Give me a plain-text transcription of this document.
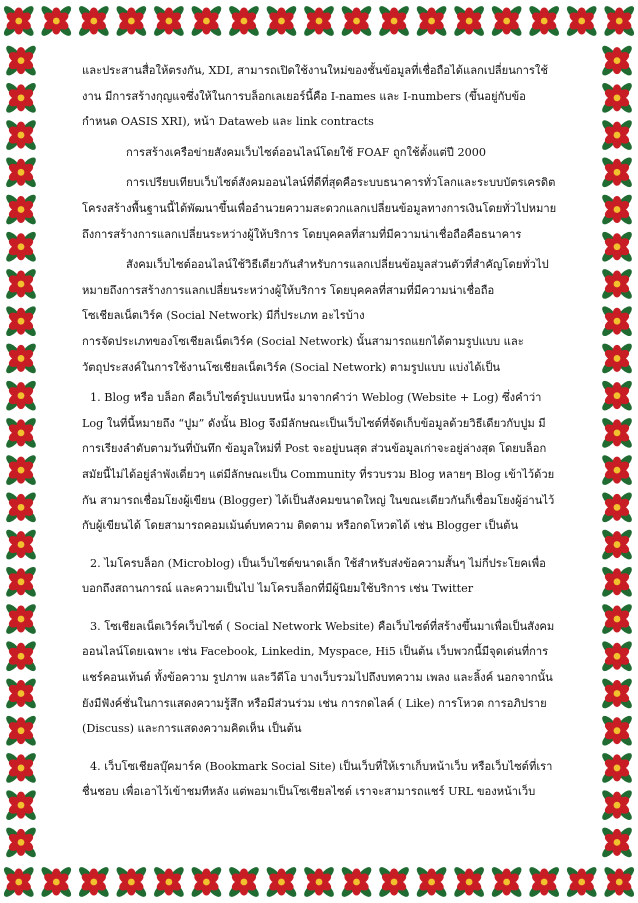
และประสานสื่อให้ตรงกัน, XDI, สามารถเปิดใช้งานใหม่ของชั้นข้อมูลที่เชื่อถือได้แลกเปลี่ยนการใช้งาน มีการสร้างกุญแจซึ่งให้ในการบล็อกเลเยอร์นี้คือ I-names และ I-numbers (ขึ้นอยู่กับข้อกำหนด OASIS XRI), หน้า Dataweb และ link contracts

การสร้างเครือข่ายสังคมเว็บไซต์ออนไลน์โดยใช้ FOAF ถูกใช้ตั้งแต่ปี 2000

การเปรียบเทียบเว็บไซต์สังคมออนไลน์ที่ดีที่สุดคือระบบธนาคารทั่วโลกและระบบบัตรเครดิต โครงสร้างพื้นฐานนี้ได้พัฒนาขึ้นเพื่ออำนวยความสะดวกแลกเปลี่ยนข้อมูลทางการเงินโดยทั่วไปหมายถึงการสร้างการแลกเปลี่ยนระหว่างผู้ให้บริการ โดยบุคคลที่สามที่มีความน่าเชื่อถือคือธนาคาร

สังคมเว็บไซต์ออนไลน์ใช้วิธีเดียวกันสำหรับการแลกเปลี่ยนข้อมูลส่วนตัวที่สำคัญโดยทั่วไปหมายถึงการสร้างการแลกเปลี่ยนระหว่างผู้ให้บริการ โดยบุคคลที่สามที่มีความน่าเชื่อถือ

โซเชียลเน็ตเวิร์ค (Social Network) มีกี่ประเภท อะไรบ้าง

การจัดประเภทของโซเชียลเน็ตเวิร์ค (Social Network) นั้นสามารถแยกได้ตามรูปแบบ และวัตถุประสงค์ในการใช้งานโซเชียลเน็ตเวิร์ค (Social Network) ตามรูปแบบ แบ่งได้เป็น

1. Blog หรือ บล็อก คือเว็บไซต์รูปแบบหนึ่ง มาจากคำว่า Weblog (Website + Log) ซึ่งคำว่า Log ในที่นี้หมายถึง “ปูม” ดังนั้น Blog จึงมีลักษณะเป็นเว็บไซต์ที่จัดเก็บข้อมูลด้วยวิธีเดียวกับปูม มีการเรียงลำดับตามวันที่บันทึก ข้อมูลใหม่ที่ Post จะอยู่บนสุด ส่วนข้อมูลเก่าจะอยู่ล่างสุด โดยบล็อกสมัยนี้ไม่ได้อยู่ลำพังเดี่ยวๆ แต่มีลักษณะเป็น Community ที่รวบรวม Blog หลายๆ Blog เข้าไว้ด้วยกัน สามารถเชื่อมโยงผู้เขียน (Blogger) ได้เป็นสังคมขนาดใหญ่ ในขณะเดียวกันก็เชื่อมโยงผู้อ่านไว้กับผู้เขียนได้ โดยสามารถคอมเม้นต์บทความ ติดตาม หรือกดโหวตได้ เช่น Blogger เป็นต้น

2. ไมโครบล็อก (Microblog) เป็นเว็บไซต์ขนาดเล็ก ใช้สำหรับส่งข้อความสั้นๆ ไม่กี่ประโยคเพื่อบอกถึงสถานการณ์ และความเป็นไป ไมโครบล็อกที่มีผู้นิยมใช้บริการ เช่น Twitter

3. โซเชียลเน็ตเวิร์คเว็บไซต์ ( Social Network Website) คือเว็บไซต์ที่สร้างขึ้นมาเพื่อเป็นสังคมออนไลน์โดยเฉพาะ เช่น Facebook, Linkedin, Myspace, Hi5 เป็นต้น เว็บพวกนี้มีจุดเด่นที่การแชร์คอนเท้นต์ ทั้งข้อความ รูปภาพ และวีดีโอ บางเว็บรวมไปถึงบทความ เพลง และลิ้งค์ นอกจากนั้นยังมีฟังค์ชั่นในการแสดงความรู้สึก หรือมีส่วนร่วม เช่น การกดไลค์ ( Like) การโหวต การอภิปราย (Discuss) และการแสดงความคิดเห็น เป็นต้น

4. เว็บโซเชียลบุ๊คมาร์ค (Bookmark Social Site) เป็นเว็บที่ให้เราเก็บหน้าเว็บ หรือเว็บไซต์ที่เราชื่นชอบ เพื่อเอาไว้เข้าชมทีหลัง แต่พอมาเป็นโซเชียลไซต์ เราจะสามารถแชร์ URL ของหน้าเว็บ
